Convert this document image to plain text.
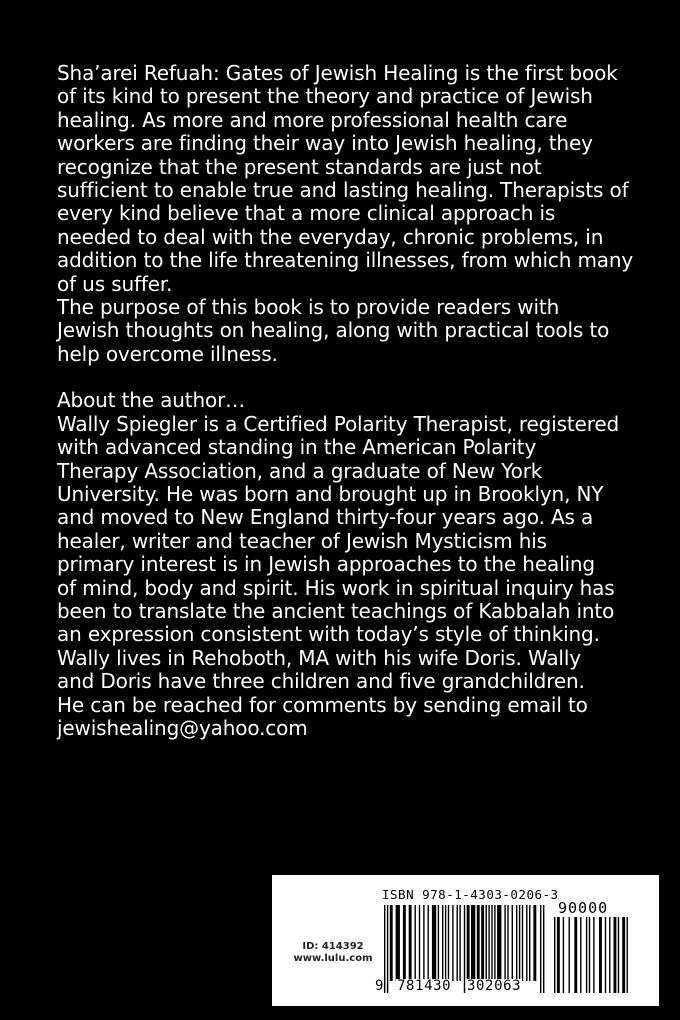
Sha’arei Refuah: Gates of Jewish Healing is the first book
of its kind to present the theory and practice of Jewish
healing. As more and more professional health care
workers are finding their way into Jewish healing, they
recognize that the present standards are just not
sufficient to enable true and lasting healing. Therapists of
every kind believe that a more clinical approach is
needed to deal with the everyday, chronic problems, in
addition to the life threatening illnesses, from which many
of us suffer.

The purpose of this book is to provide readers with
Jewish thoughts on healing, along with practical tools to
help overcome illness.

About the author…

Wally Spiegler is a Certified Polarity Therapist, registered
with advanced standing in the American Polarity
Therapy Association, and a graduate of New York
University. He was born and brought up in Brooklyn, NY
and moved to New England thirty-four years ago. As a
healer, writer and teacher of Jewish Mysticism his
primary interest is in Jewish approaches to the healing
of mind, body and spirit. His work in spiritual inquiry has
been to translate the ancient teachings of Kabbalah into
an expression consistent with today’s style of thinking.
Wally lives in Rehoboth, MA with his wife Doris. Wally
and Doris have three children and five grandchildren.
He can be reached for comments by sending email to
jewishealing@yahoo.com

ID: 414392
www.lulu.com
ISBN 978-1-4303-0206-3
90000
9 781430 302063
